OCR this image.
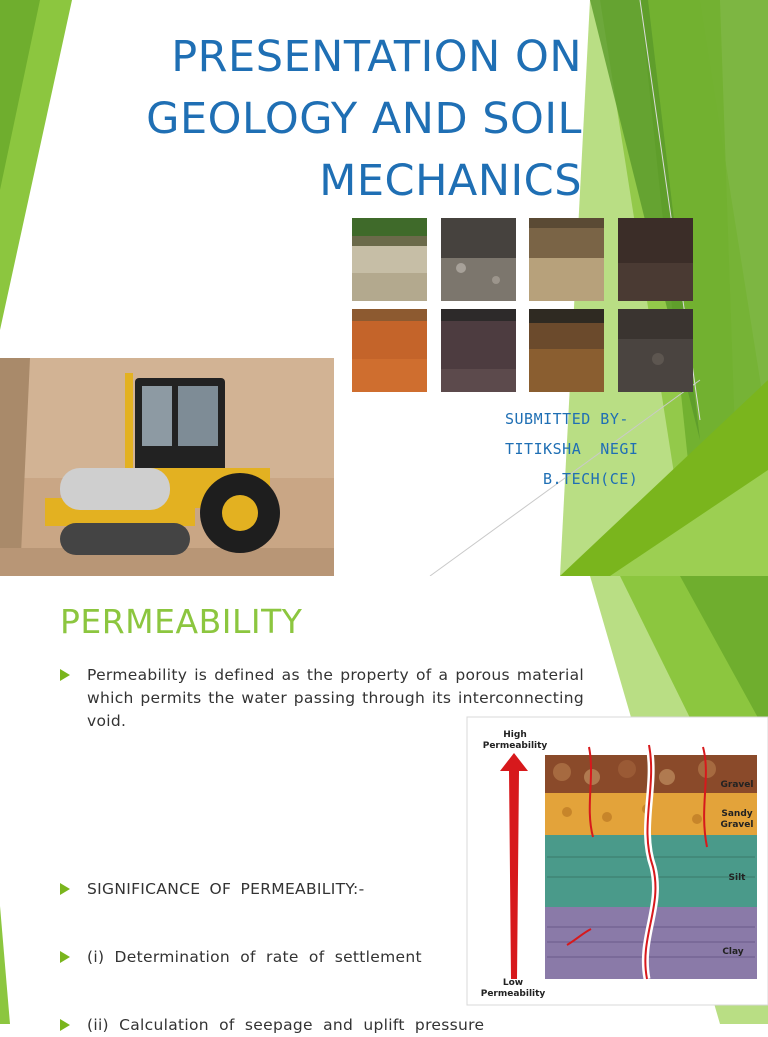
PRESENTATION ON
GEOLOGY AND SOIL
MECHANICS
SUBMITTED BY-
TITIKSHA  NEGI
B.TECH(CE)
PERMEABILITY
Permeability is defined as the property of a porous material which permits the water passing through its interconnecting void.
SIGNIFICANCE OF PERMEABILITY:-
(i) Determination of rate of settlement
(ii) Calculation of seepage and uplift pressure
High
Permeability
Low
Permeability
Gravel
Sandy
Gravel
Silt
Clay
